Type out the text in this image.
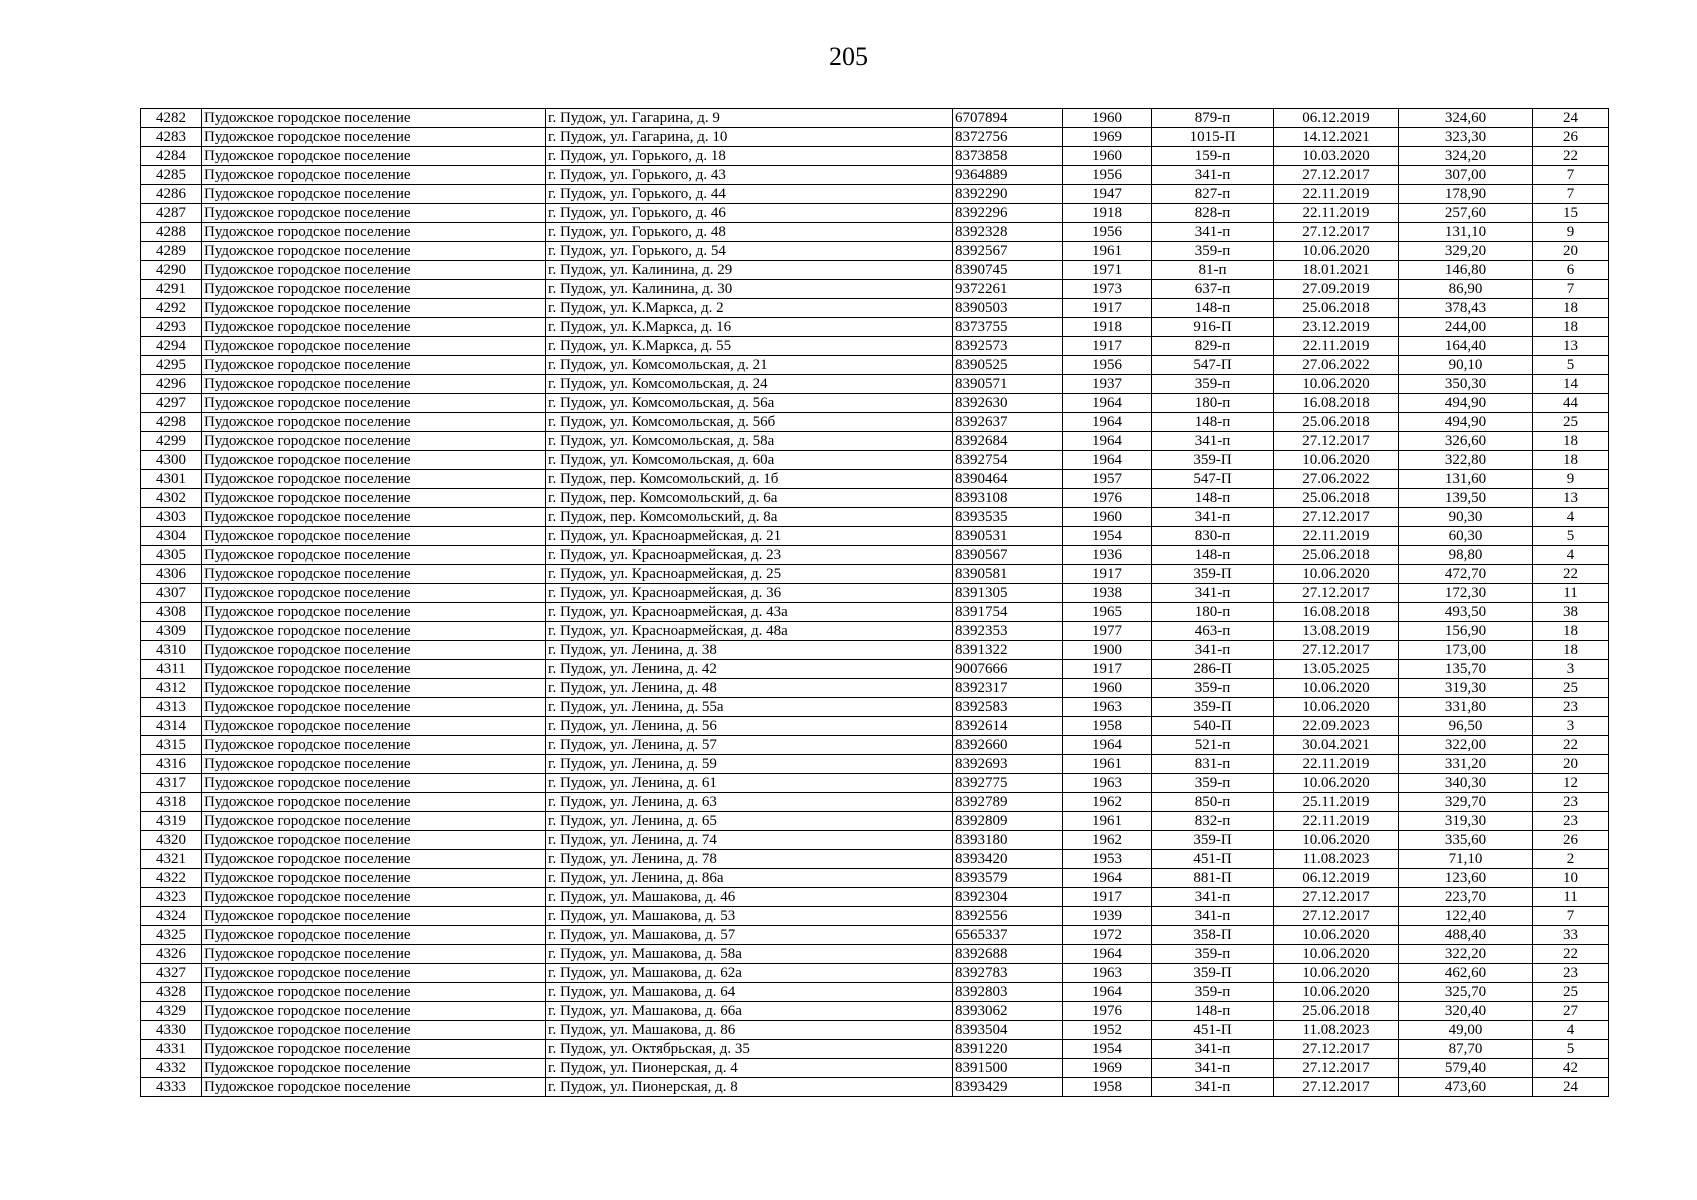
205
4282	Пудожское городское поселение	г. Пудож, ул. Гагарина, д. 9	6707894	1960	879-п	06.12.2019	324,60	24
4283	Пудожское городское поселение	г. Пудож, ул. Гагарина, д. 10	8372756	1969	1015-П	14.12.2021	323,30	26
4284	Пудожское городское поселение	г. Пудож, ул. Горького, д. 18	8373858	1960	159-п	10.03.2020	324,20	22
4285	Пудожское городское поселение	г. Пудож, ул. Горького, д. 43	9364889	1956	341-п	27.12.2017	307,00	7
4286	Пудожское городское поселение	г. Пудож, ул. Горького, д. 44	8392290	1947	827-п	22.11.2019	178,90	7
4287	Пудожское городское поселение	г. Пудож, ул. Горького, д. 46	8392296	1918	828-п	22.11.2019	257,60	15
4288	Пудожское городское поселение	г. Пудож, ул. Горького, д. 48	8392328	1956	341-п	27.12.2017	131,10	9
4289	Пудожское городское поселение	г. Пудож, ул. Горького, д. 54	8392567	1961	359-п	10.06.2020	329,20	20
4290	Пудожское городское поселение	г. Пудож, ул. Калинина, д. 29	8390745	1971	81-п	18.01.2021	146,80	6
4291	Пудожское городское поселение	г. Пудож, ул. Калинина, д. 30	9372261	1973	637-п	27.09.2019	86,90	7
4292	Пудожское городское поселение	г. Пудож, ул. К.Маркса, д. 2	8390503	1917	148-п	25.06.2018	378,43	18
4293	Пудожское городское поселение	г. Пудож, ул. К.Маркса, д. 16	8373755	1918	916-П	23.12.2019	244,00	18
4294	Пудожское городское поселение	г. Пудож, ул. К.Маркса, д. 55	8392573	1917	829-п	22.11.2019	164,40	13
4295	Пудожское городское поселение	г. Пудож, ул. Комсомольская, д. 21	8390525	1956	547-П	27.06.2022	90,10	5
4296	Пудожское городское поселение	г. Пудож, ул. Комсомольская, д. 24	8390571	1937	359-п	10.06.2020	350,30	14
4297	Пудожское городское поселение	г. Пудож, ул. Комсомольская, д. 56а	8392630	1964	180-п	16.08.2018	494,90	44
4298	Пудожское городское поселение	г. Пудож, ул. Комсомольская, д. 56б	8392637	1964	148-п	25.06.2018	494,90	25
4299	Пудожское городское поселение	г. Пудож, ул. Комсомольская, д. 58а	8392684	1964	341-п	27.12.2017	326,60	18
4300	Пудожское городское поселение	г. Пудож, ул. Комсомольская, д. 60а	8392754	1964	359-П	10.06.2020	322,80	18
4301	Пудожское городское поселение	г. Пудож, пер. Комсомольский, д. 1б	8390464	1957	547-П	27.06.2022	131,60	9
4302	Пудожское городское поселение	г. Пудож, пер. Комсомольский, д. 6а	8393108	1976	148-п	25.06.2018	139,50	13
4303	Пудожское городское поселение	г. Пудож, пер. Комсомольский, д. 8а	8393535	1960	341-п	27.12.2017	90,30	4
4304	Пудожское городское поселение	г. Пудож, ул. Красноармейская, д. 21	8390531	1954	830-п	22.11.2019	60,30	5
4305	Пудожское городское поселение	г. Пудож, ул. Красноармейская, д. 23	8390567	1936	148-п	25.06.2018	98,80	4
4306	Пудожское городское поселение	г. Пудож, ул. Красноармейская, д. 25	8390581	1917	359-П	10.06.2020	472,70	22
4307	Пудожское городское поселение	г. Пудож, ул. Красноармейская, д. 36	8391305	1938	341-п	27.12.2017	172,30	11
4308	Пудожское городское поселение	г. Пудож, ул. Красноармейская, д. 43а	8391754	1965	180-п	16.08.2018	493,50	38
4309	Пудожское городское поселение	г. Пудож, ул. Красноармейская, д. 48а	8392353	1977	463-п	13.08.2019	156,90	18
4310	Пудожское городское поселение	г. Пудож, ул. Ленина, д. 38	8391322	1900	341-п	27.12.2017	173,00	18
4311	Пудожское городское поселение	г. Пудож, ул. Ленина, д. 42	9007666	1917	286-П	13.05.2025	135,70	3
4312	Пудожское городское поселение	г. Пудож, ул. Ленина, д. 48	8392317	1960	359-п	10.06.2020	319,30	25
4313	Пудожское городское поселение	г. Пудож, ул. Ленина, д. 55а	8392583	1963	359-П	10.06.2020	331,80	23
4314	Пудожское городское поселение	г. Пудож, ул. Ленина, д. 56	8392614	1958	540-П	22.09.2023	96,50	3
4315	Пудожское городское поселение	г. Пудож, ул. Ленина, д. 57	8392660	1964	521-п	30.04.2021	322,00	22
4316	Пудожское городское поселение	г. Пудож, ул. Ленина, д. 59	8392693	1961	831-п	22.11.2019	331,20	20
4317	Пудожское городское поселение	г. Пудож, ул. Ленина, д. 61	8392775	1963	359-п	10.06.2020	340,30	12
4318	Пудожское городское поселение	г. Пудож, ул. Ленина, д. 63	8392789	1962	850-п	25.11.2019	329,70	23
4319	Пудожское городское поселение	г. Пудож, ул. Ленина, д. 65	8392809	1961	832-п	22.11.2019	319,30	23
4320	Пудожское городское поселение	г. Пудож, ул. Ленина, д. 74	8393180	1962	359-П	10.06.2020	335,60	26
4321	Пудожское городское поселение	г. Пудож, ул. Ленина, д. 78	8393420	1953	451-П	11.08.2023	71,10	2
4322	Пудожское городское поселение	г. Пудож, ул. Ленина, д. 86а	8393579	1964	881-П	06.12.2019	123,60	10
4323	Пудожское городское поселение	г. Пудож, ул. Машакова, д. 46	8392304	1917	341-п	27.12.2017	223,70	11
4324	Пудожское городское поселение	г. Пудож, ул. Машакова, д. 53	8392556	1939	341-п	27.12.2017	122,40	7
4325	Пудожское городское поселение	г. Пудож, ул. Машакова, д. 57	6565337	1972	358-П	10.06.2020	488,40	33
4326	Пудожское городское поселение	г. Пудож, ул. Машакова, д. 58а	8392688	1964	359-п	10.06.2020	322,20	22
4327	Пудожское городское поселение	г. Пудож, ул. Машакова, д. 62а	8392783	1963	359-П	10.06.2020	462,60	23
4328	Пудожское городское поселение	г. Пудож, ул. Машакова, д. 64	8392803	1964	359-п	10.06.2020	325,70	25
4329	Пудожское городское поселение	г. Пудож, ул. Машакова, д. 66а	8393062	1976	148-п	25.06.2018	320,40	27
4330	Пудожское городское поселение	г. Пудож, ул. Машакова, д. 86	8393504	1952	451-П	11.08.2023	49,00	4
4331	Пудожское городское поселение	г. Пудож, ул. Октябрьская, д. 35	8391220	1954	341-п	27.12.2017	87,70	5
4332	Пудожское городское поселение	г. Пудож, ул. Пионерская, д. 4	8391500	1969	341-п	27.12.2017	579,40	42
4333	Пудожское городское поселение	г. Пудож, ул. Пионерская, д. 8	8393429	1958	341-п	27.12.2017	473,60	24
